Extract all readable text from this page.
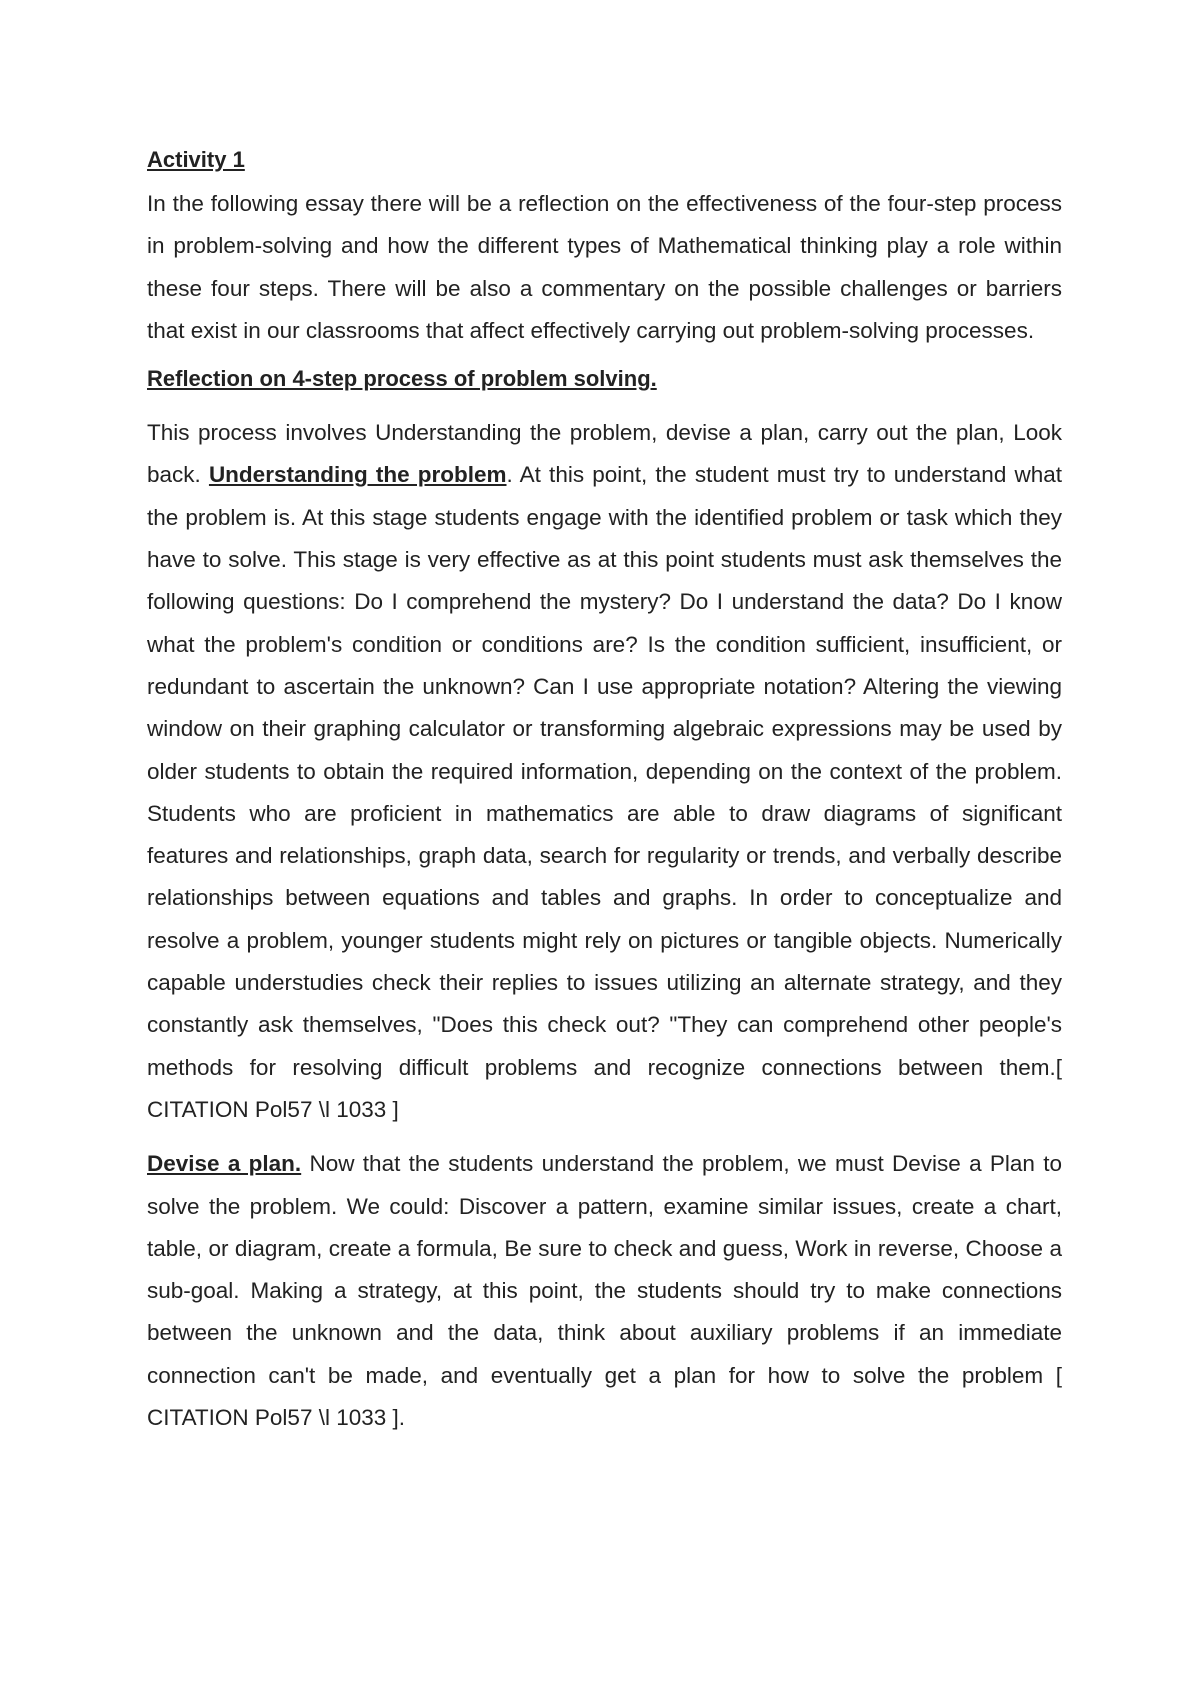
Activity 1

In the following essay there will be a reflection on the effectiveness of the four-step process in problem-solving and how the different types of Mathematical thinking play a role within these four steps. There will be also a commentary on the possible challenges or barriers that exist in our classrooms that affect effectively carrying out problem-solving processes.

Reflection on 4-step process of problem solving.

This process involves Understanding the problem, devise a plan, carry out the plan, Look back. Understanding the problem. At this point, the student must try to understand what the problem is. At this stage students engage with the identified problem or task which they have to solve. This stage is very effective as at this point students must ask themselves the following questions: Do I comprehend the mystery? Do I understand the data? Do I know what the problem's condition or conditions are? Is the condition sufficient, insufficient, or redundant to ascertain the unknown? Can I use appropriate notation? Altering the viewing window on their graphing calculator or transforming algebraic expressions may be used by older students to obtain the required information, depending on the context of the problem. Students who are proficient in mathematics are able to draw diagrams of significant features and relationships, graph data, search for regularity or trends, and verbally describe relationships between equations and tables and graphs. In order to conceptualize and resolve a problem, younger students might rely on pictures or tangible objects. Numerically capable understudies check their replies to issues utilizing an alternate strategy, and they constantly ask themselves, "Does this check out? "They can comprehend other people's methods for resolving difficult problems and recognize connections between them.[ CITATION Pol57 \l 1033 ]

Devise a plan. Now that the students understand the problem, we must Devise a Plan to solve the problem. We could: Discover a pattern, examine similar issues, create a chart, table, or diagram, create a formula, Be sure to check and guess, Work in reverse, Choose a sub-goal. Making a strategy, at this point, the students should try to make connections between the unknown and the data, think about auxiliary problems if an immediate connection can't be made, and eventually get a plan for how to solve the problem [ CITATION Pol57 \l 1033 ].
